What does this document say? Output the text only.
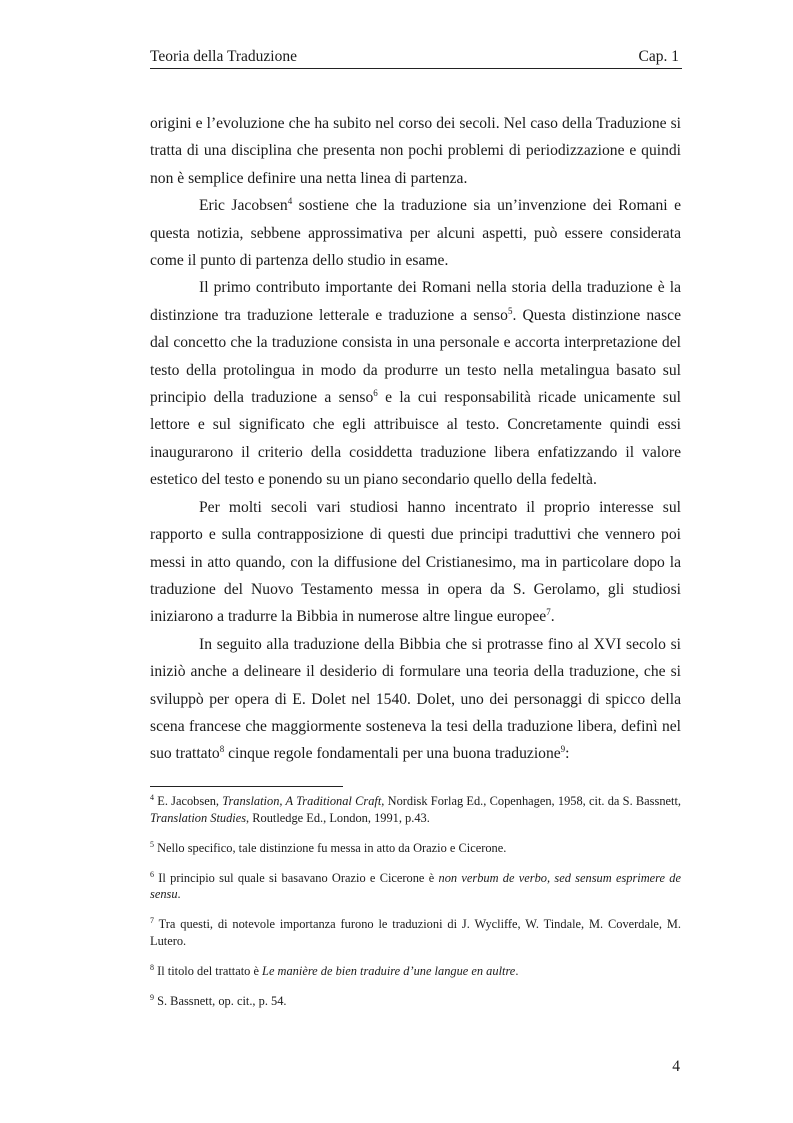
Teoria della Traduzione	Cap. 1

origini e l’evoluzione che ha subito nel corso dei secoli. Nel caso della Traduzione si tratta di una disciplina che presenta non pochi problemi di periodizzazione e quindi non è semplice definire una netta linea di partenza.

Eric Jacobsen$^4$ sostiene che la traduzione sia un’invenzione dei Romani e questa notizia, sebbene approssimativa per alcuni aspetti, può essere considerata come il punto di partenza dello studio in esame.

Il primo contributo importante dei Romani nella storia della traduzione è la distinzione tra traduzione letterale e traduzione a senso$^5$. Questa distinzione nasce dal concetto che la traduzione consista in una personale e accorta interpretazione del testo della protolingua in modo da produrre un testo nella metalingua basato sul principio della traduzione a senso$^6$ e la cui responsabilità ricade unicamente sul lettore e sul significato che egli attribuisce al testo. Concretamente quindi essi inaugurarono il criterio della cosiddetta traduzione libera enfatizzando il valore estetico del testo e ponendo su un piano secondario quello della fedeltà.

Per molti secoli vari studiosi hanno incentrato il proprio interesse sul rapporto e sulla contrapposizione di questi due principi traduttivi che vennero poi messi in atto quando, con la diffusione del Cristianesimo, ma in particolare dopo la traduzione del Nuovo Testamento messa in opera da S. Gerolamo, gli studiosi iniziarono a tradurre la Bibbia in numerose altre lingue europee$^7$.

In seguito alla traduzione della Bibbia che si protrasse fino al XVI secolo si iniziò anche a delineare il desiderio di formulare una teoria della traduzione, che si sviluppò per opera di E. Dolet nel 1540. Dolet, uno dei personaggi di spicco della scena francese che maggiormente sosteneva la tesi della traduzione libera, definì nel suo trattato$^8$ cinque regole fondamentali per una buona traduzione$^9$:

$^4$ E. Jacobsen, Translation, A Traditional Craft, Nordisk Forlag Ed., Copenhagen, 1958, cit. da S. Bassnett, Translation Studies, Routledge Ed., London, 1991, p.43.

$^5$ Nello specifico, tale distinzione fu messa in atto da Orazio e Cicerone.

$^6$ Il principio sul quale si basavano Orazio e Cicerone è non verbum de verbo, sed sensum esprimere de sensu.

$^7$ Tra questi, di notevole importanza furono le traduzioni di J. Wycliffe, W. Tindale, M. Coverdale, M. Lutero.

$^8$ Il titolo del trattato è Le manière de bien traduire d’une langue en aultre.

$^9$ S. Bassnett, op. cit., p. 54.

4
